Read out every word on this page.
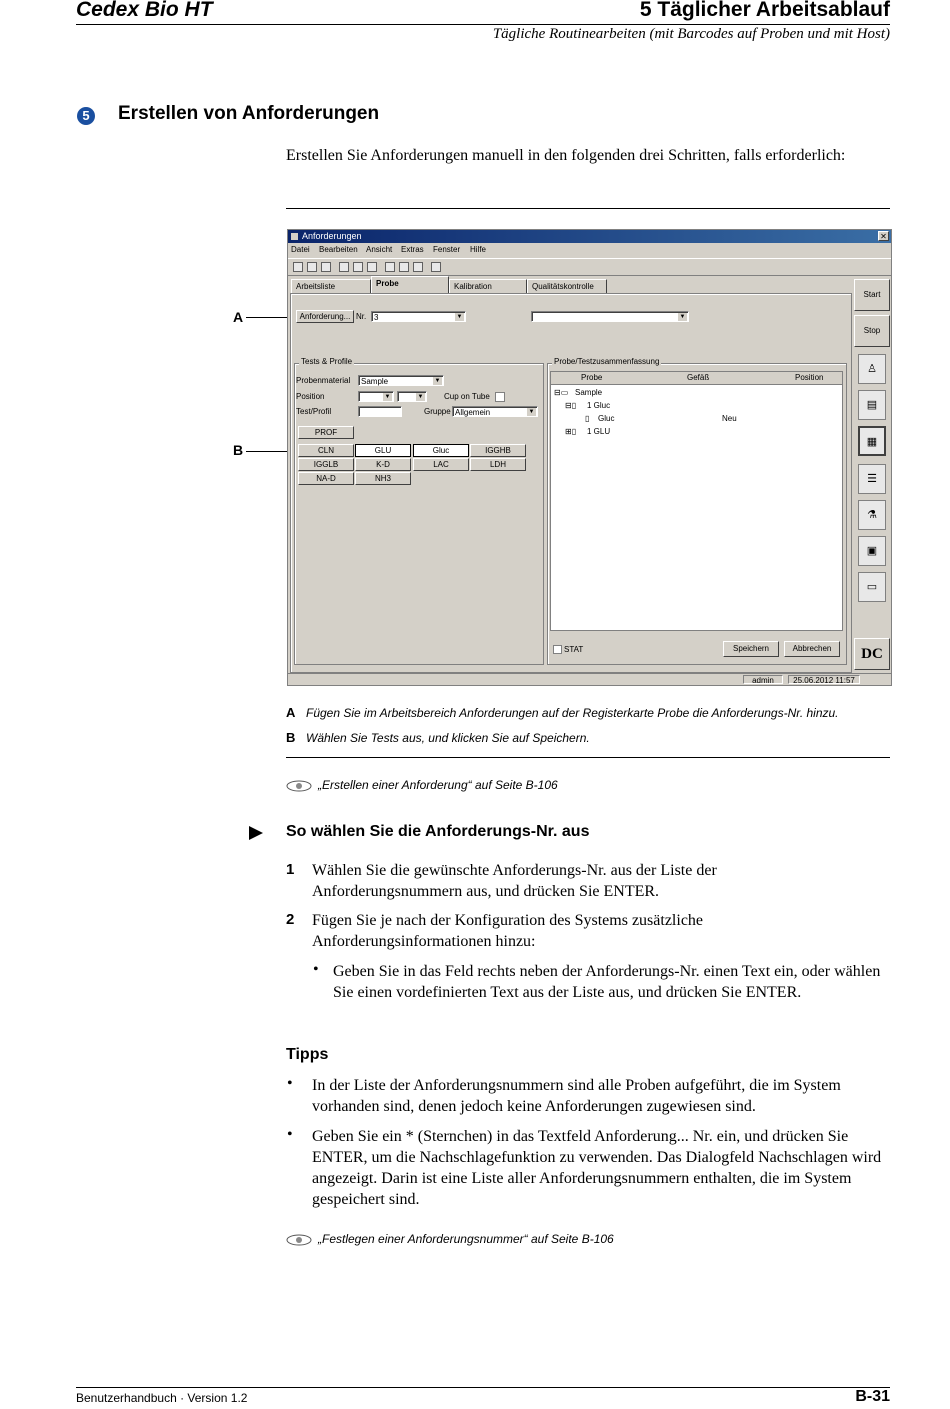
Cedex Bio HT	5 Täglicher Arbeitsablauf
Tägliche Routinearbeiten (mit Barcodes auf Proben und mit Host)
5 Erstellen von Anforderungen
Erstellen Sie Anforderungen manuell in den folgenden drei Schritten, falls erforderlich:
A
B
Anforderungen	✕
Datei Bearbeiten Ansicht Extras Fenster Hilfe
Arbeitsliste	Probe	Kalibration	Qualitätskontrolle
Anforderung... Nr. 3	▼	▼
Tests & Profile
Probenmaterial	Sample	▼
Position	▼	▼	Cup on Tube
Test/Profil	Gruppe Allgemein	▼
PROF
CLN	GLU	Gluc	IGGHB
IGGLB	K-D	LAC	LDH
NA-D	NH3
Probe/Testzusammenfassung
Probe	Gefäß	Position
⊟▭ Sample
⊟▯ 1 Gluc
▯ Gluc	Neu
⊞▯ 1 GLU
STAT	Speichern	Abbrechen
Start
Stop
♙
▤
▦
☰
⚗
▣
▭
DC
admin	25.06.2012 11:57
A Fügen Sie im Arbeitsbereich Anforderungen auf der Registerkarte Probe die Anforderungs-Nr. hinzu.
B Wählen Sie Tests aus, und klicken Sie auf Speichern.
„Erstellen einer Anforderung“ auf Seite B-106
So wählen Sie die Anforderungs-Nr. aus
1 Wählen Sie die gewünschte Anforderungs-Nr. aus der Liste der Anforderungsnummern aus, und drücken Sie ENTER.
2 Fügen Sie je nach der Konfiguration des Systems zusätzliche Anforderungsinformationen hinzu:
• Geben Sie in das Feld rechts neben der Anforderungs-Nr. einen Text ein, oder wählen Sie einen vordefinierten Text aus der Liste aus, und drücken Sie ENTER.
Tipps
• In der Liste der Anforderungsnummern sind alle Proben aufgeführt, die im System vorhanden sind, denen jedoch keine Anforderungen zugewiesen sind.
• Geben Sie ein * (Sternchen) in das Textfeld Anforderung... Nr. ein, und drücken Sie ENTER, um die Nachschlagefunktion zu verwenden. Das Dialogfeld Nachschlagen wird angezeigt. Darin ist eine Liste aller Anforderungsnummern enthalten, die im System gespeichert sind.
„Festlegen einer Anforderungsnummer“ auf Seite B-106
Benutzerhandbuch · Version 1.2	B-31
